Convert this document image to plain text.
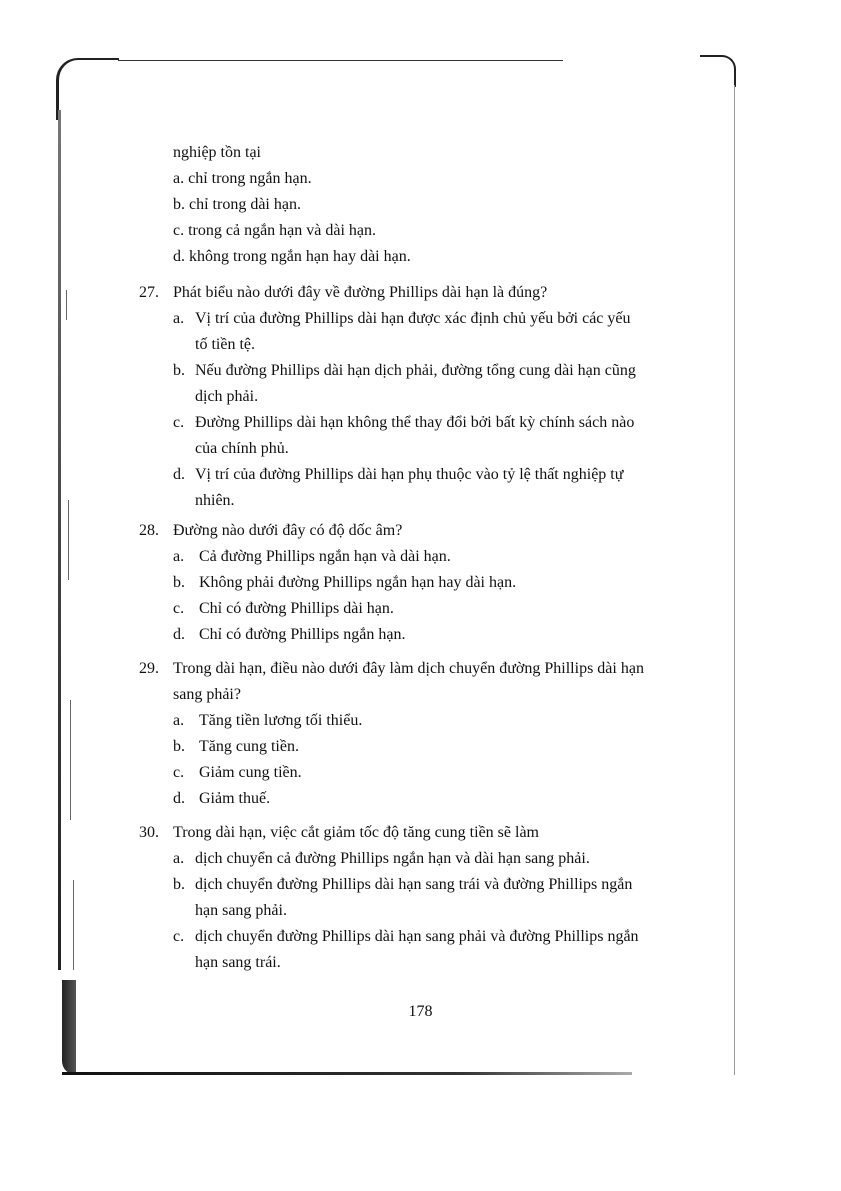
nghiệp tồn tại
a. chỉ trong ngắn hạn.
b. chỉ trong dài hạn.
c. trong cả ngắn hạn và dài hạn.
d. không trong ngắn hạn hay dài hạn.
27. Phát biểu nào dưới đây về đường Phillips dài hạn là đúng?
a. Vị trí của đường Phillips dài hạn được xác định chủ yếu bởi các yếu
tố tiền tệ.
b. Nếu đường Phillips dài hạn dịch phải, đường tổng cung dài hạn cũng
dịch phải.
c. Đường Phillips dài hạn không thể thay đổi bởi bất kỳ chính sách nào
của chính phủ.
d. Vị trí của đường Phillips dài hạn phụ thuộc vào tỷ lệ thất nghiệp tự
nhiên.
28. Đường nào dưới đây có độ dốc âm?
a. Cả đường Phillips ngắn hạn và dài hạn.
b. Không phải đường Phillips ngắn hạn hay dài hạn.
c. Chỉ có đường Phillips dài hạn.
d. Chỉ có đường Phillips ngắn hạn.
29. Trong dài hạn, điều nào dưới đây làm dịch chuyển đường Phillips dài hạn
sang phải?
a. Tăng tiền lương tối thiểu.
b. Tăng cung tiền.
c. Giảm cung tiền.
d. Giảm thuế.
30. Trong dài hạn, việc cắt giảm tốc độ tăng cung tiền sẽ làm
a. dịch chuyển cả đường Phillips ngắn hạn và dài hạn sang phải.
b. dịch chuyển đường Phillips dài hạn sang trái và đường Phillips ngắn
hạn sang phải.
c. dịch chuyển đường Phillips dài hạn sang phải và đường Phillips ngắn
hạn sang trái.
178
